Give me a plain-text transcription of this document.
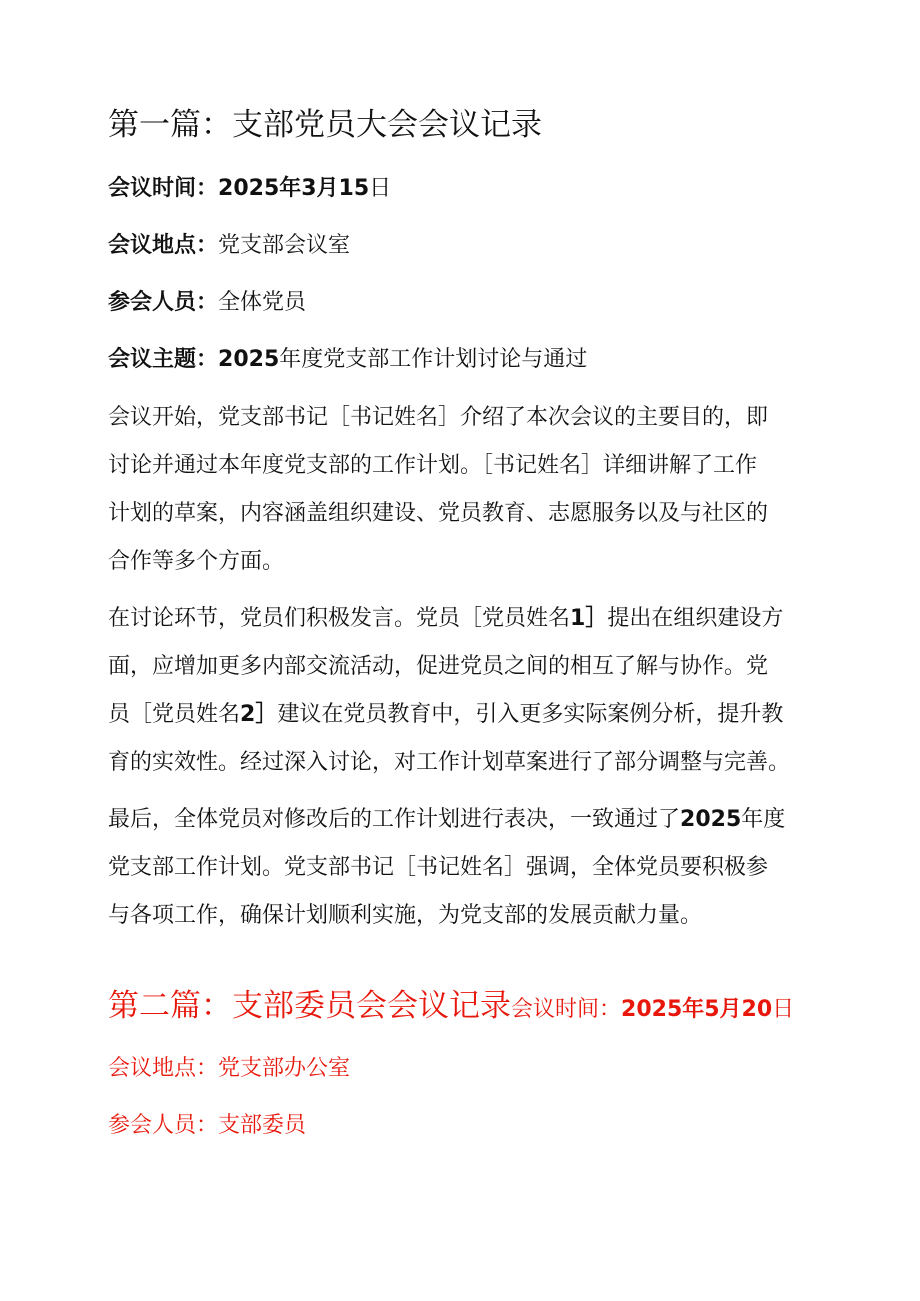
第一篇：支部党员大会会议记录
会议时间：2025年3月15日
会议地点：党支部会议室
参会人员：全体党员
会议主题：2025年度党支部工作计划讨论与通过
会议开始，党支部书记［书记姓名］介绍了本次会议的主要目的，即
讨论并通过本年度党支部的工作计划。［书记姓名］详细讲解了工作
计划的草案，内容涵盖组织建设、党员教育、志愿服务以及与社区的
合作等多个方面。
在讨论环节，党员们积极发言。党员［党员姓名1］提出在组织建设方
面，应增加更多内部交流活动，促进党员之间的相互了解与协作。党
员［党员姓名2］建议在党员教育中，引入更多实际案例分析，提升教
育的实效性。经过深入讨论，对工作计划草案进行了部分调整与完善。
最后，全体党员对修改后的工作计划进行表决，一致通过了2025年度
党支部工作计划。党支部书记［书记姓名］强调，全体党员要积极参
与各项工作，确保计划顺利实施，为党支部的发展贡献力量。
第二篇：支部委员会会议记录会议时间：2025年5月20日
会议地点：党支部办公室
参会人员：支部委员
